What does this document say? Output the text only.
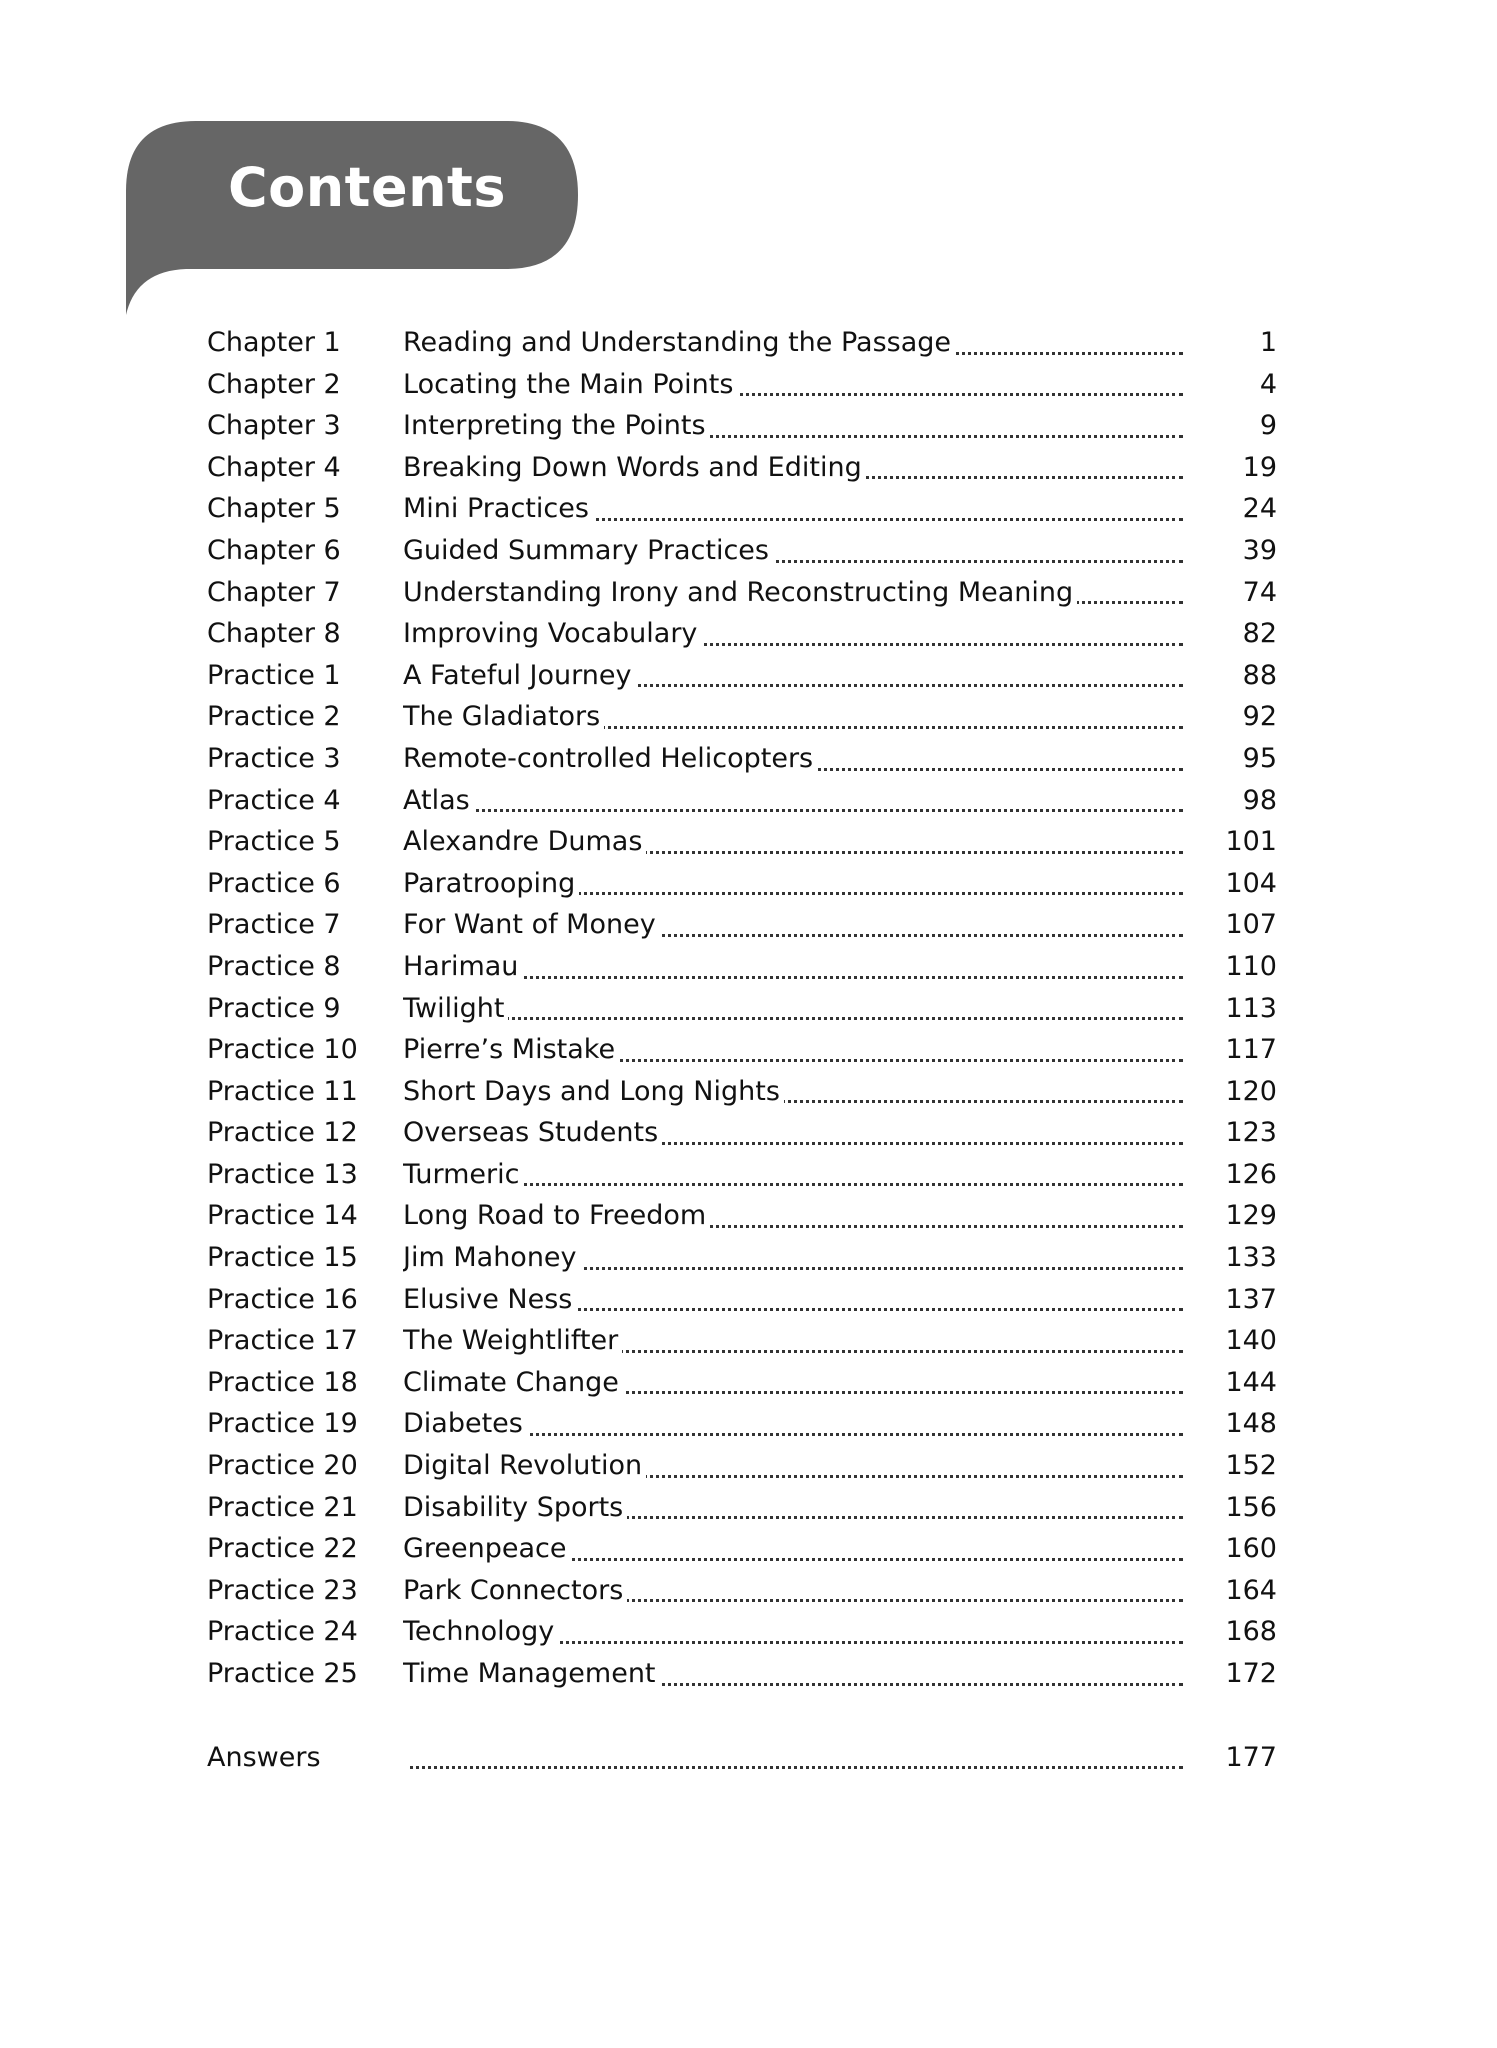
Contents
Chapter 1 Reading and Understanding the Passage	1
Chapter 2 Locating the Main Points	4
Chapter 3 Interpreting the Points	9
Chapter 4 Breaking Down Words and Editing	19
Chapter 5 Mini Practices	24
Chapter 6 Guided Summary Practices	39
Chapter 7 Understanding Irony and Reconstructing Meaning	74
Chapter 8 Improving Vocabulary	82
Practice 1 A Fateful Journey	88
Practice 2 The Gladiators	92
Practice 3 Remote-controlled Helicopters	95
Practice 4 Atlas	98
Practice 5 Alexandre Dumas	101
Practice 6 Paratrooping	104
Practice 7 For Want of Money	107
Practice 8 Harimau	110
Practice 9 Twilight	113
Practice 10 Pierre’s Mistake	117
Practice 11 Short Days and Long Nights	120
Practice 12 Overseas Students	123
Practice 13 Turmeric	126
Practice 14 Long Road to Freedom	129
Practice 15 Jim Mahoney	133
Practice 16 Elusive Ness	137
Practice 17 The Weightlifter	140
Practice 18 Climate Change	144
Practice 19 Diabetes	148
Practice 20 Digital Revolution	152
Practice 21 Disability Sports	156
Practice 22 Greenpeace	160
Practice 23 Park Connectors	164
Practice 24 Technology	168
Practice 25 Time Management	172
Answers	177
